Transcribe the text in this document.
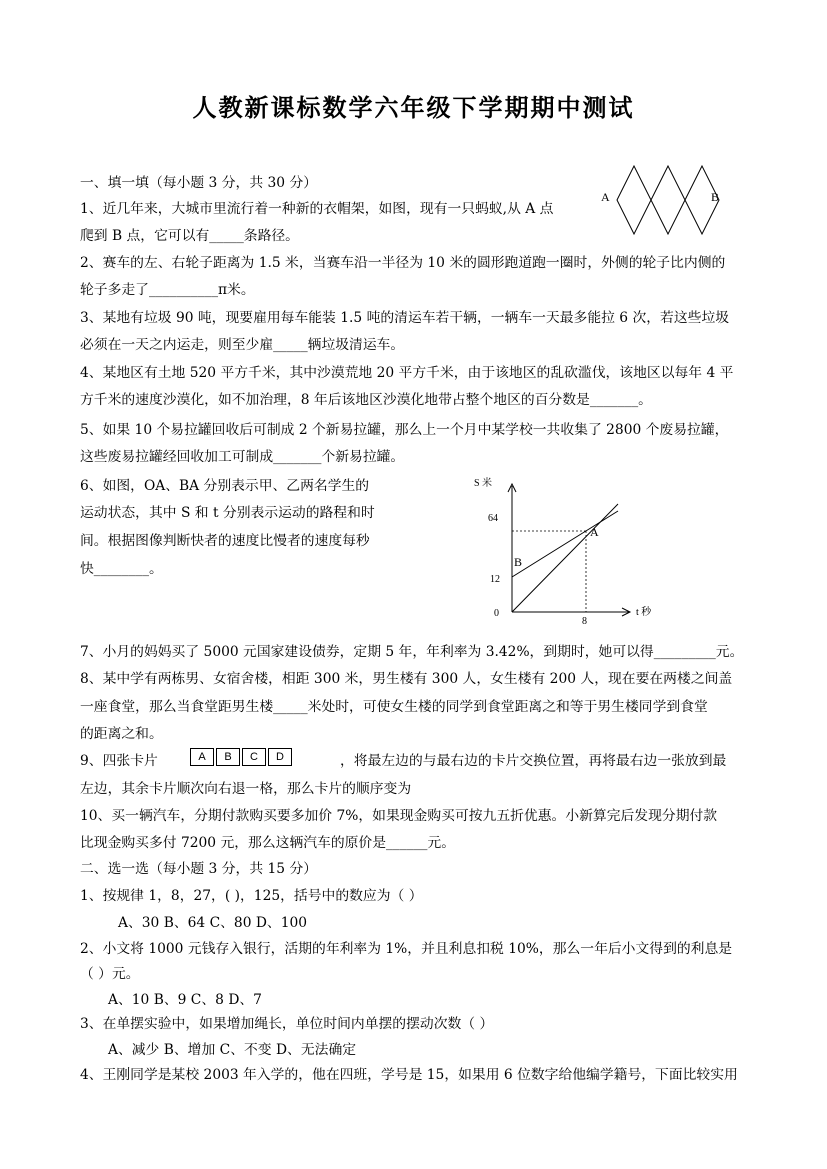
人教新课标数学六年级下学期期中测试
一、填一填（每小题 3 分，共 30 分）
1、近几年来，大城市里流行着一种新的衣帽架，如图，现有一只蚂蚁,从 A 点
爬到 B 点，它可以有_____条路径。
2、赛车的左、右轮子距离为 1.5 米，当赛车沿一半径为 10 米的圆形跑道跑一圈时，外侧的轮子比内侧的
轮子多走了__________π米。
3、某地有垃圾 90 吨，现要雇用每车能装 1.5 吨的清运车若干辆，一辆车一天最多能拉 6 次，若这些垃圾
必须在一天之内运走，则至少雇_____辆垃圾清运车。
4、某地区有土地 520 平方千米，其中沙漠荒地 20 平方千米，由于该地区的乱砍滥伐，该地区以每年 4 平
方千米的速度沙漠化，如不加治理，8 年后该地区沙漠化地带占整个地区的百分数是_______。
5、如果 10 个易拉罐回收后可制成 2 个新易拉罐，那么上一个月中某学校一共收集了 2800 个废易拉罐，
这些废易拉罐经回收加工可制成_______个新易拉罐。
6、如图，OA、BA 分别表示甲、乙两名学生的
运动状态，其中 S 和 t 分别表示运动的路程和时
间。根据图像判断快者的速度比慢者的速度每秒
快________。
7、小月的妈妈买了 5000 元国家建设债券，定期 5 年，年利率为 3.42%，到期时，她可以得_________元。
8、某中学有两栋男、女宿舍楼，相距 300 米，男生楼有 300 人，女生楼有 200 人，现在要在两楼之间盖
一座食堂，那么当食堂距男生楼_____米处时，可使女生楼的同学到食堂距离之和等于男生楼同学到食堂
的距离之和。
9、四张卡片	，将最左边的与最右边的卡片交换位置，再将最右边一张放到最
左边，其余卡片顺次向右退一格，那么卡片的顺序变为
10、买一辆汽车，分期付款购买要多加价 7%，如果现金购买可按九五折优惠。小新算完后发现分期付款
比现金购买多付 7200 元，那么这辆汽车的原价是______元。
二、选一选（每小题 3 分，共 15 分）
1、按规律 1，8，27，( )，125，括号中的数应为（ ）
A、30 B、64 C、80 D、100
2、小文将 1000 元钱存入银行，活期的年利率为 1%，并且利息扣税 10%，那么一年后小文得到的利息是
（ ）元。
A、10 B、9 C、8 D、7
3、在单摆实验中，如果增加绳长，单位时间内单摆的摆动次数（ ）
A、减少 B、增加 C、不变 D、无法确定
4、王刚同学是某校 2003 年入学的，他在四班，学号是 15，如果用 6 位数字给他编学籍号，下面比较实用
A	B
S 米
t 秒
64
12
0
8
A
B
A	B	C	D
